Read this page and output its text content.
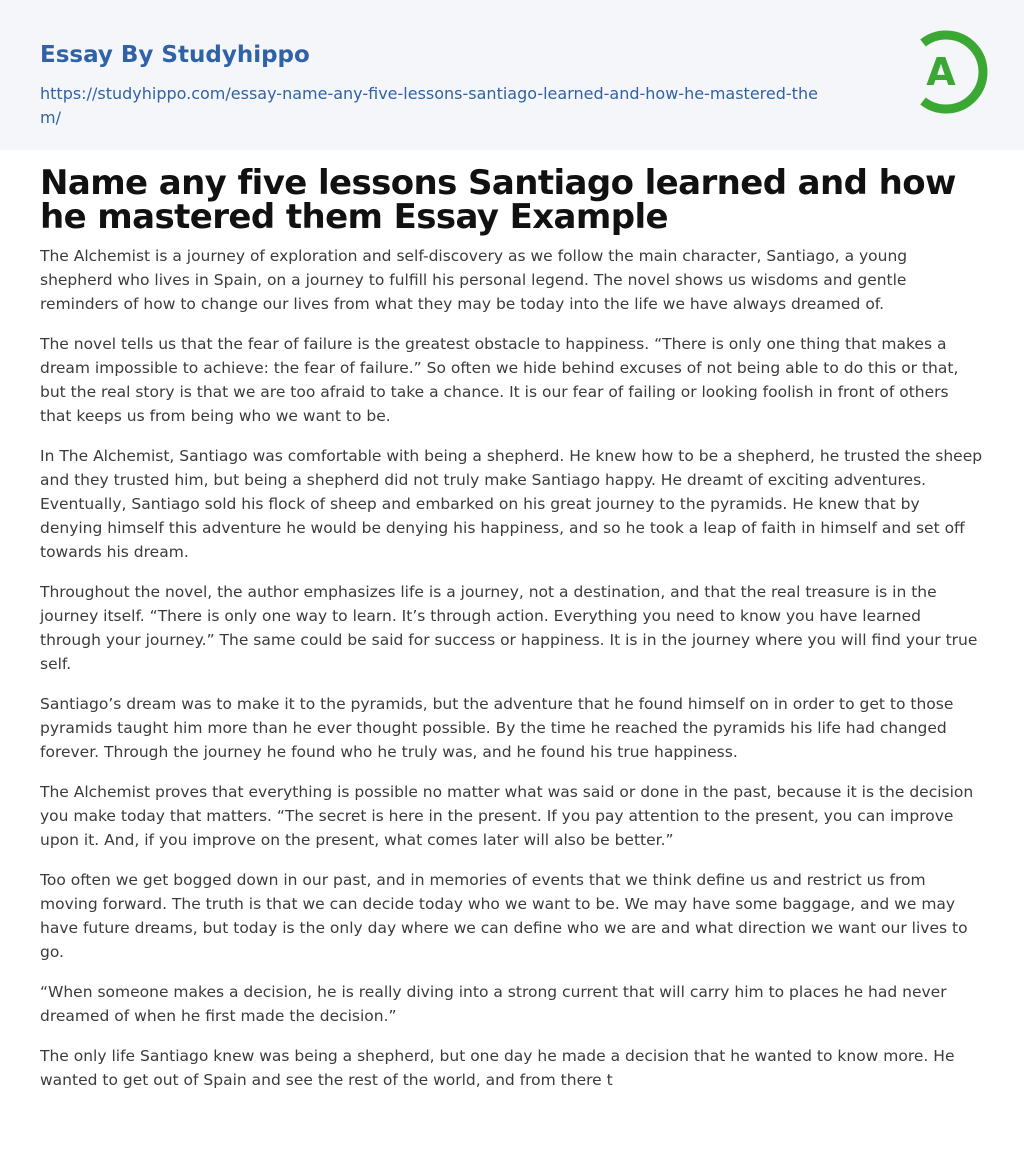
Essay By Studyhippo
https://studyhippo.com/essay-name-any-five-lessons-santiago-learned-and-how-he-mastered-them/
A
Name any five lessons Santiago learned and how he mastered them Essay Example

The Alchemist is a journey of exploration and self-discovery as we follow the main character, Santiago, a young shepherd who lives in Spain, on a journey to fulfill his personal legend. The novel shows us wisdoms and gentle reminders of how to change our lives from what they may be today into the life we have always dreamed of.

The novel tells us that the fear of failure is the greatest obstacle to happiness. “There is only one thing that makes a dream impossible to achieve: the fear of failure.” So often we hide behind excuses of not being able to do this or that, but the real story is that we are too afraid to take a chance. It is our fear of failing or looking foolish in front of others that keeps us from being who we want to be.

In The Alchemist, Santiago was comfortable with being a shepherd. He knew how to be a shepherd, he trusted the sheep and they trusted him, but being a shepherd did not truly make Santiago happy. He dreamt of exciting adventures. Eventually, Santiago sold his flock of sheep and embarked on his great journey to the pyramids. He knew that by denying himself this adventure he would be denying his happiness, and so he took a leap of faith in himself and set off towards his dream.

Throughout the novel, the author emphasizes life is a journey, not a destination, and that the real treasure is in the journey itself. “There is only one way to learn. It’s through action. Everything you need to know you have learned through your journey.” The same could be said for success or happiness. It is in the journey where you will find your true self.

Santiago’s dream was to make it to the pyramids, but the adventure that he found himself on in order to get to those pyramids taught him more than he ever thought possible. By the time he reached the pyramids his life had changed forever. Through the journey he found who he truly was, and he found his true happiness.

The Alchemist proves that everything is possible no matter what was said or done in the past, because it is the decision you make today that matters. “The secret is here in the present. If you pay attention to the present, you can improve upon it. And, if you improve on the present, what comes later will also be better.”

Too often we get bogged down in our past, and in memories of events that we think define us and restrict us from moving forward. The truth is that we can decide today who we want to be. We may have some baggage, and we may have future dreams, but today is the only day where we can define who we are and what direction we want our lives to go.

“When someone makes a decision, he is really diving into a strong current that will carry him to places he had never dreamed of when he first made the decision.”

The only life Santiago knew was being a shepherd, but one day he made a decision that he wanted to know more. He wanted to get out of Spain and see the rest of the world, and from there t
